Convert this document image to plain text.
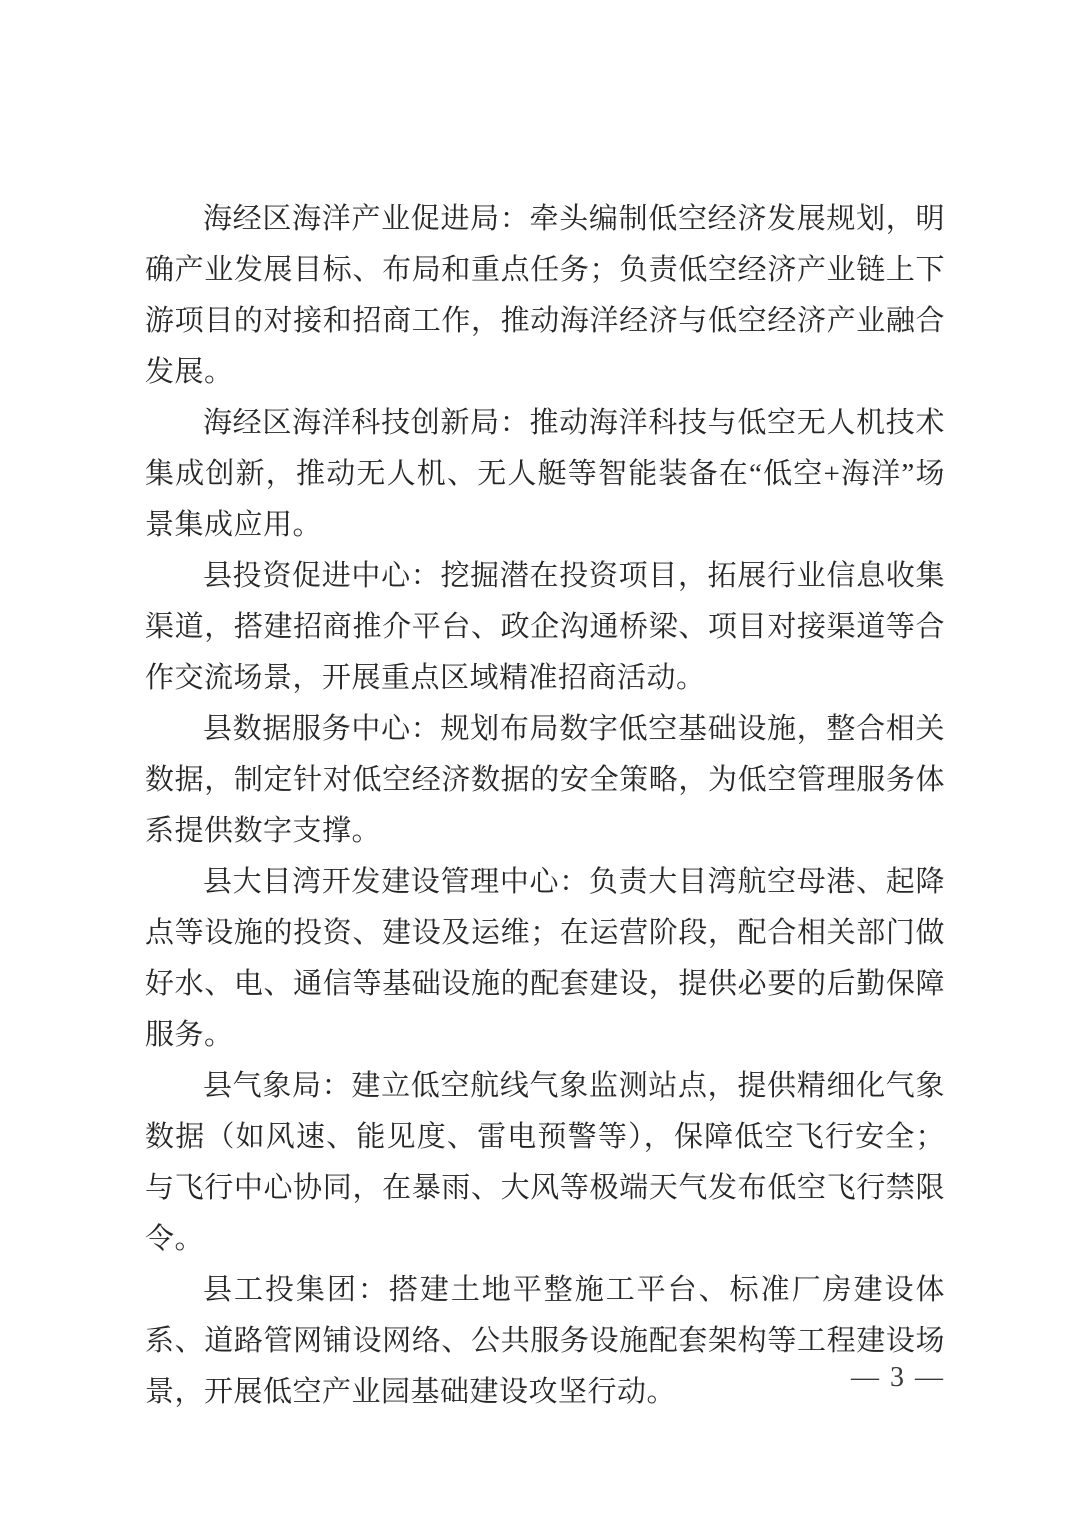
海经区海洋产业促进局：牵头编制低空经济发展规划，明确产业发展目标、布局和重点任务；负责低空经济产业链上下游项目的对接和招商工作，推动海洋经济与低空经济产业融合发展。

海经区海洋科技创新局：推动海洋科技与低空无人机技术集成创新，推动无人机、无人艇等智能装备在“低空+海洋”场景集成应用。

县投资促进中心：挖掘潜在投资项目，拓展行业信息收集渠道，搭建招商推介平台、政企沟通桥梁、项目对接渠道等合作交流场景，开展重点区域精准招商活动。

县数据服务中心：规划布局数字低空基础设施，整合相关数据，制定针对低空经济数据的安全策略，为低空管理服务体系提供数字支撑。

县大目湾开发建设管理中心：负责大目湾航空母港、起降点等设施的投资、建设及运维；在运营阶段，配合相关部门做好水、电、通信等基础设施的配套建设，提供必要的后勤保障服务。

县气象局：建立低空航线气象监测站点，提供精细化气象数据（如风速、能见度、雷电预警等），保障低空飞行安全；与飞行中心协同，在暴雨、大风等极端天气发布低空飞行禁限令。

县工投集团：搭建土地平整施工平台、标准厂房建设体系、道路管网铺设网络、公共服务设施配套架构等工程建设场景，开展低空产业园基础建设攻坚行动。	— 3 —
